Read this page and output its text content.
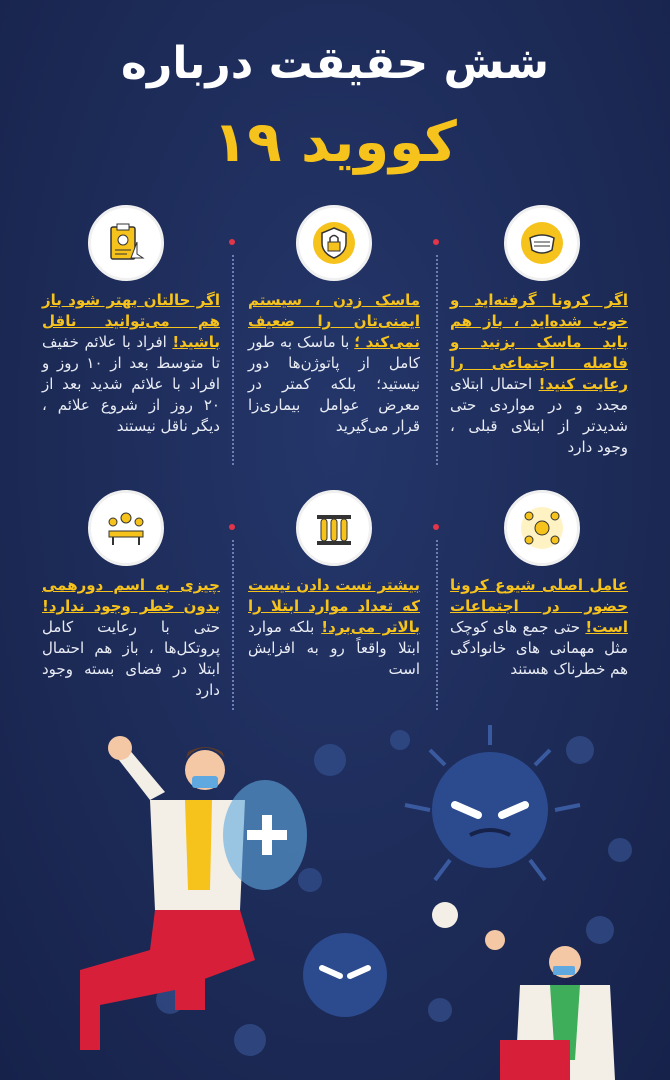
شش حقیقت درباره
کووید ۱۹
اگر کرونا گرفته‌اید و خوب شده‌اید ، باز هم باید ماسک بزنید و فاصله اجتماعی را رعایت کنید! احتمال ابتلای مجدد و در مواردی حتی شدیدتر از ابتلای قبلی ، وجود دارد
ماسک زدن ، سیستم ایمنی‌تان را ضعیف نمی‌کند ؛ با ماسک به طور کامل از پاتوژن‌ها دور نیستید؛ بلکه کمتر در معرض عوامل بیماری‌زا قرار می‌گیرید
اگر حالتان بهتر شود باز هم می‌توانید ناقل باشید! افراد با علائم خفیف تا متوسط بعد از ۱۰ روز و افراد با علائم شدید بعد از ۲۰ روز از شروع علائم ، دیگر ناقل نیستند
عامل اصلی شیوع کرونا حضور در اجتماعات است! حتی جمع های کوچک مثل مهمانی های خانوادگی هم خطرناک هستند
بیشتر تست دادن نیست که تعداد موارد ابتلا را بالاتر می‌برد! بلکه موارد ابتلا واقعاً رو به افزایش است
چیزی به اسم دورهمی بدون خطر وجود ندارد! حتی با رعایت کامل پروتکل‌ها ، باز هم احتمال ابتلا در فضای بسته وجود دارد
